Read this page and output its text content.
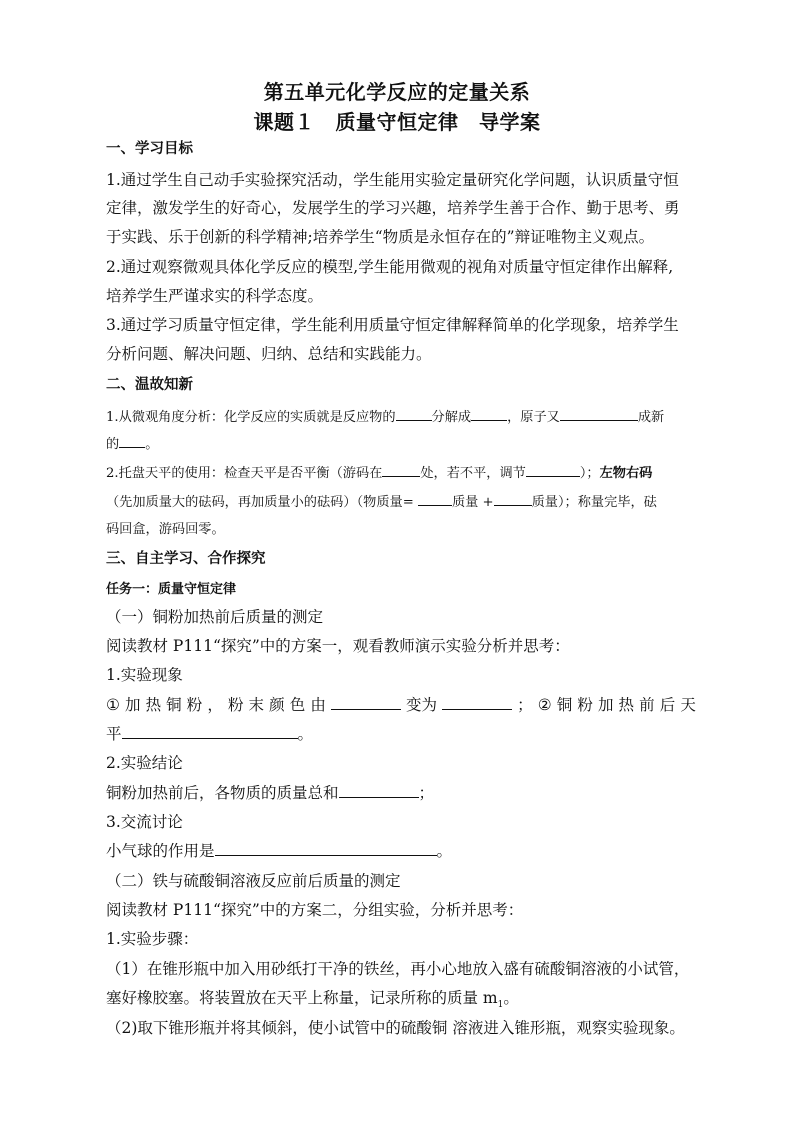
第五单元化学反应的定量关系
课题１　质量守恒定律　导学案
一、学习目标
1.通过学生自己动手实验探究活动，学生能用实验定量研究化学问题，认识质量守恒
定律，激发学生的好奇心，发展学生的学习兴趣，培养学生善于合作、勤于思考、勇
于实践、乐于创新的科学精神;培养学生“物质是永恒存在的”辩证唯物主义观点。
2.通过观察微观具体化学反应的模型,学生能用微观的视角对质量守恒定律作出解释,
培养学生严谨求实的科学态度。
3.通过学习质量守恒定律，学生能利用质量守恒定律解释简单的化学现象，培养学生
分析问题、解决问题、归纳、总结和实践能力。
二、温故知新
1.从微观角度分析：化学反应的实质就是反应物的	分解成	，原子又	成新
的 。
2.托盘天平的使用：检查天平是否平衡（游码在	处，若不平，调节	）；左物右码
（先加质量大的砝码，再加质量小的砝码）（物质量=	质量 +	质量）；称量完毕，砝
码回盒，游码回零。
三、自主学习、合作探究
任务一：质量守恒定律
（一）铜粉加热前后质量的测定
阅读教材 P111“探究”中的方案一，观看教师演示实验分析并思考：
1.实验现象
① 加 热 铜 粉 ， 粉 末 颜 色 由	变为	； ② 铜 粉 加 热 前 后 天
平	。
2.实验结论
铜粉加热前后，各物质的质量总和	；
3.交流讨论
小气球的作用是	。
（二）铁与硫酸铜溶液反应前后质量的测定
阅读教材 P111“探究”中的方案二，分组实验，分析并思考：
1.实验步骤：
（1）在锥形瓶中加入用砂纸打干净的铁丝，再小心地放入盛有硫酸铜溶液的小试管，
塞好橡胶塞。将装置放在天平上称量，记录所称的质量 $m_1$。
（2)取下锥形瓶并将其倾斜，使小试管中的硫酸铜 溶液进入锥形瓶，观察实验现象。
